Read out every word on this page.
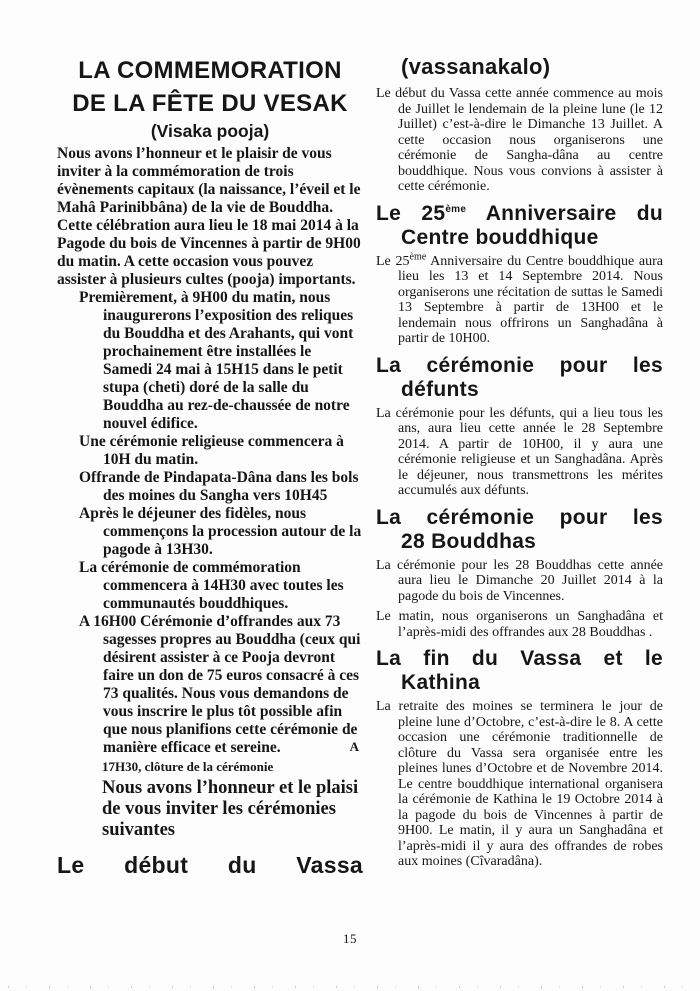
LA COMMEMORATION
DE LA FÊTE DU VESAK
(Visaka pooja)
Nous avons l’honneur et le plaisir de vous inviter à la commémoration de trois évènements capitaux (la naissance, l’éveil et le Mahâ Parinibbâna) de la vie de Bouddha. Cette célébration aura lieu le 18 mai 2014 à la Pagode du bois de Vincennes à partir de 9H00 du matin. A cette occasion vous pouvez assister à plusieurs cultes (pooja) importants.
Premièrement, à 9H00 du matin, nous inaugurerons l’exposition des reliques du Bouddha et des Arahants, qui vont prochainement être installées le Samedi 24 mai à 15H15 dans le petit stupa (cheti) doré de la salle du Bouddha au rez-de-chaussée de notre nouvel édifice.
Une cérémonie religieuse commencera à 10H du matin.
Offrande de Pindapata-Dâna dans les bols des moines du Sangha vers 10H45
Après le déjeuner des fidèles, nous commençons la procession autour de la pagode à 13H30.
La cérémonie de commémoration commencera à 14H30 avec toutes les communautés bouddhiques.
A 16H00 Cérémonie d’offrandes aux 73 sagesses propres au Bouddha (ceux qui désirent assister à ce Pooja devront faire un don de 75 euros consacré à ces 73 qualités. Nous vous demandons de vous inscrire le plus tôt possible afin que nous planifions cette cérémonie de manière efficace et sereine.	A
17H30, clôture de la cérémonie
Nous avons l’honneur et le plaisi de vous inviter les cérémonies suivantes
Le début du Vassa
(vassanakalo)
Le début du Vassa cette année commence au mois de Juillet le lendemain de la pleine lune (le 12 Juillet) c’est-à-dire le Dimanche 13 Juillet. A cette occasion nous organiserons une cérémonie de Sangha-dâna au centre bouddhique. Nous vous convions à assister à cette cérémonie.
Le 25ème Anniversaire du
Centre bouddhique
Le 25ème Anniversaire du Centre bouddhique aura lieu les 13 et 14 Septembre 2014. Nous organiserons une récitation de suttas le Samedi 13 Septembre à partir de 13H00 et le lendemain nous offrirons un Sanghadâna à partir de 10H00.
La cérémonie pour les
défunts
La cérémonie pour les défunts, qui a lieu tous les ans, aura lieu cette année le 28 Septembre 2014. A partir de 10H00, il y aura une cérémonie religieuse et un Sanghadâna. Après le déjeuner, nous transmettrons les mérites accumulés aux défunts.
La cérémonie pour les
28 Bouddhas
La cérémonie pour les 28 Bouddhas cette année aura lieu le Dimanche 20 Juillet 2014 à la pagode du bois de Vincennes.
Le matin, nous organiserons un Sanghadâna et l’après-midi des offrandes aux 28 Bouddhas .
La fin du Vassa et le
Kathina
La retraite des moines se terminera le jour de pleine lune d’Octobre, c’est-à-dire le 8. A cette occasion une cérémonie traditionnelle de clôture du Vassa sera organisée entre les pleines lunes d’Octobre et de Novembre 2014. Le centre bouddhique international organisera la cérémonie de Kathina le 19 Octobre 2014 à la pagode du bois de Vincennes à partir de 9H00. Le matin, il y aura un Sanghadâna et l’après-midi il y aura des offrandes de robes aux moines (Cîvaradâna).
15
